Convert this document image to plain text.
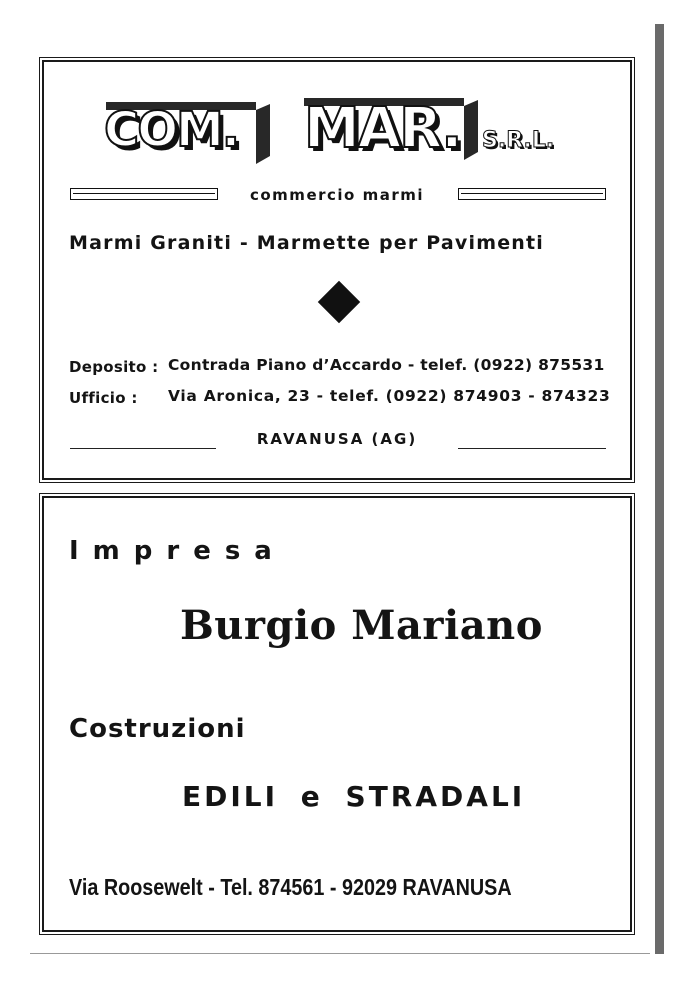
COM. MAR. S.R.L.
commercio marmi
Marmi Graniti - Marmette per Pavimenti
Deposito : Contrada Piano d’Accardo - telef. (0922) 875531
Ufficio : Via Aronica, 23 - telef. (0922) 874903 - 874323
RAVANUSA (AG)
Impresa
Burgio Mariano
Costruzioni
EDILI e STRADALI
Via Roosewelt - Tel. 874561 - 92029 RAVANUSA
